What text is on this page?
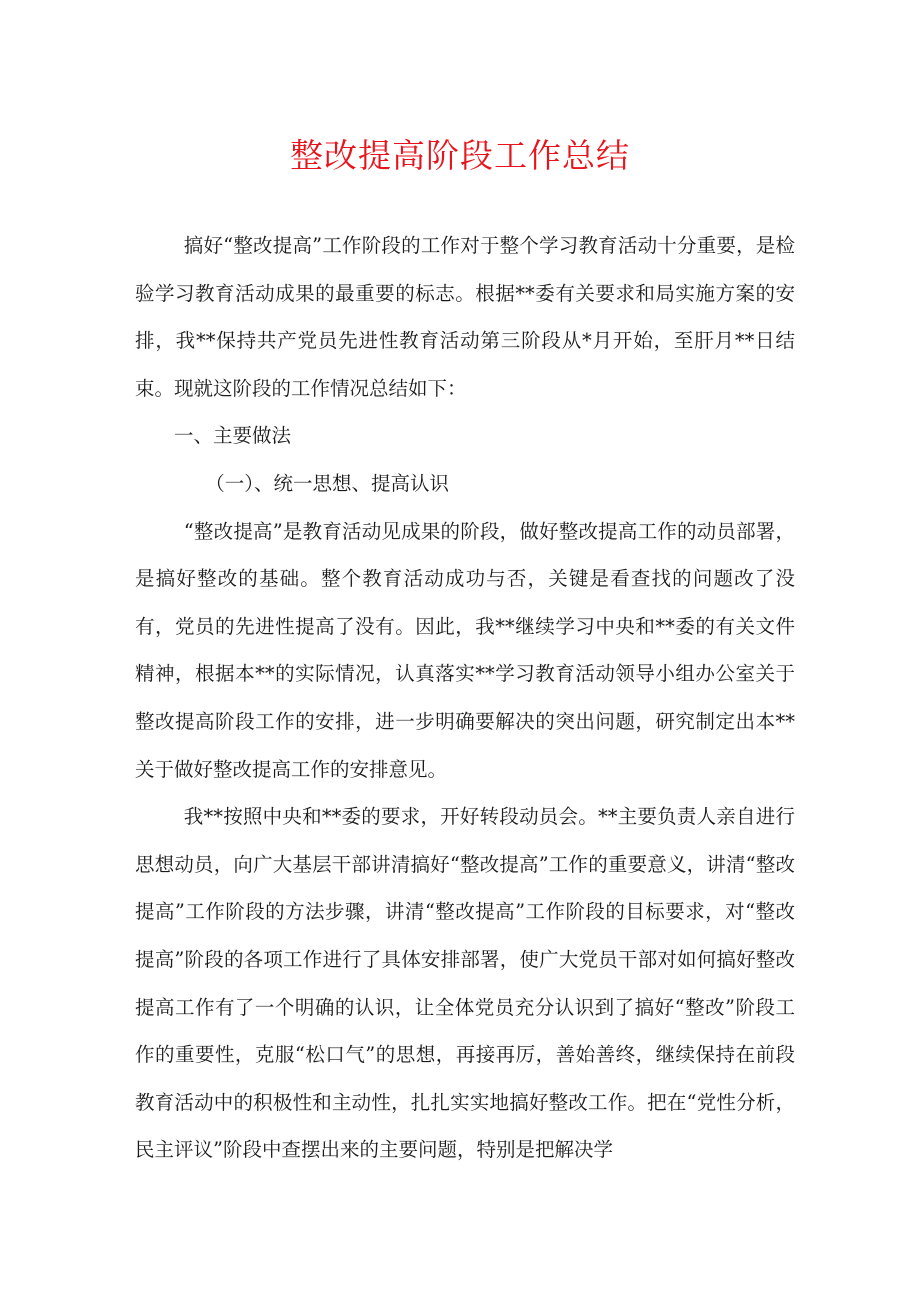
整改提高阶段工作总结

搞好“整改提高”工作阶段的工作对于整个学习教育活动十分重要，是检验学习教育活动成果的最重要的标志。根据**委有关要求和局实施方案的安排，我**保持共产党员先进性教育活动第三阶段从*月开始，至肝月**日结束。现就这阶段的工作情况总结如下：

一、主要做法

（一）、统一思想、提高认识

“整改提高”是教育活动见成果的阶段，做好整改提高工作的动员部署，是搞好整改的基础。整个教育活动成功与否，关键是看查找的问题改了没有，党员的先进性提高了没有。因此，我**继续学习中央和**委的有关文件精神，根据本**的实际情况，认真落实**学习教育活动领导小组办公室关于整改提高阶段工作的安排，进一步明确要解决的突出问题，研究制定出本**关于做好整改提高工作的安排意见。

我**按照中央和**委的要求，开好转段动员会。**主要负责人亲自进行思想动员，向广大基层干部讲清搞好“整改提高”工作的重要意义，讲清“整改提高”工作阶段的方法步骤，讲清“整改提高”工作阶段的目标要求，对“整改提高”阶段的各项工作进行了具体安排部署，使广大党员干部对如何搞好整改提高工作有了一个明确的认识，让全体党员充分认识到了搞好“整改”阶段工作的重要性，克服“松口气”的思想，再接再厉，善始善终，继续保持在前段教育活动中的积极性和主动性，扎扎实实地搞好整改工作。把在“党性分析，民主评议”阶段中查摆出来的主要问题，特别是把解决学
